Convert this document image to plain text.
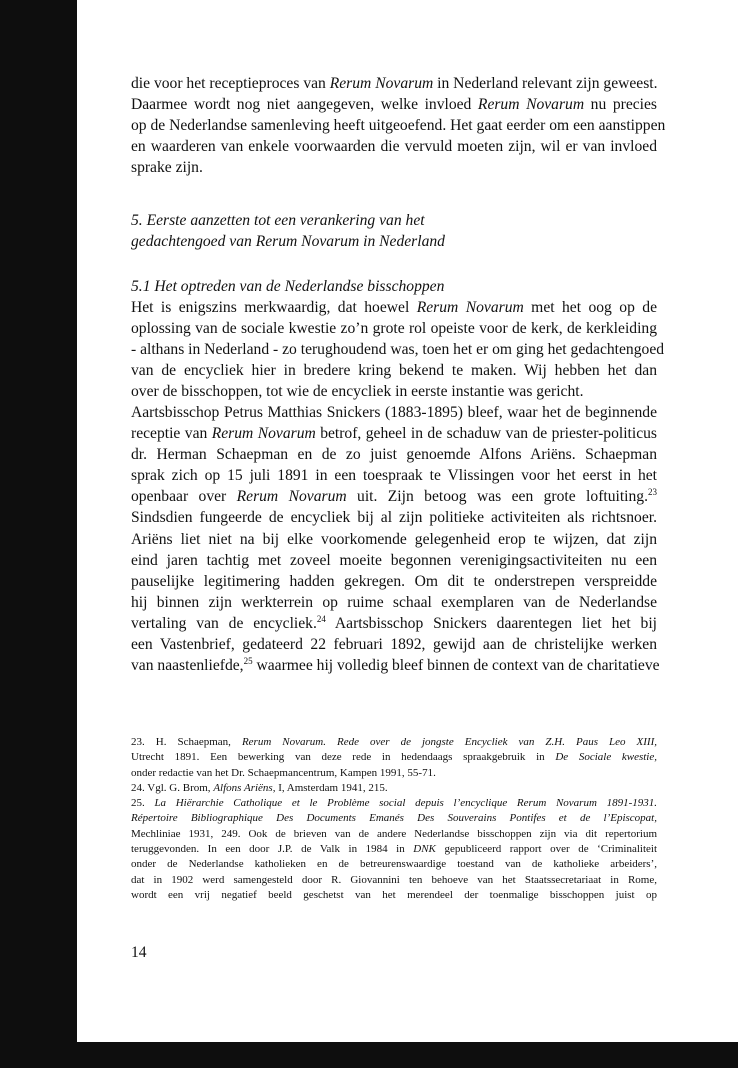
die voor het receptieproces van Rerum Novarum in Nederland relevant zijn geweest.
Daarmee wordt nog niet aangegeven, welke invloed Rerum Novarum nu precies
op de Nederlandse samenleving heeft uitgeoefend. Het gaat eerder om een aanstippen
en waarderen van enkele voorwaarden die vervuld moeten zijn, wil er van invloed
sprake zijn.
5. Eerste aanzetten tot een verankering van het
gedachtengoed van Rerum Novarum in Nederland
5.1 Het optreden van de Nederlandse bisschoppen
Het is enigszins merkwaardig, dat hoewel Rerum Novarum met het oog op de
oplossing van de sociale kwestie zo’n grote rol opeiste voor de kerk, de kerkleiding
- althans in Nederland - zo terughoudend was, toen het er om ging het gedachtengoed
van de encycliek hier in bredere kring bekend te maken. Wij hebben het dan
over de bisschoppen, tot wie de encycliek in eerste instantie was gericht.
Aartsbisschop Petrus Matthias Snickers (1883-1895) bleef, waar het de beginnende
receptie van Rerum Novarum betrof, geheel in de schaduw van de priester-politicus
dr. Herman Schaepman en de zo juist genoemde Alfons Ariëns. Schaepman
sprak zich op 15 juli 1891 in een toespraak te Vlissingen voor het eerst in het
openbaar over Rerum Novarum uit. Zijn betoog was een grote loftuiting.$^{23}$
Sindsdien fungeerde de encycliek bij al zijn politieke activiteiten als richtsnoer.
Ariëns liet niet na bij elke voorkomende gelegenheid erop te wijzen, dat zijn
eind jaren tachtig met zoveel moeite begonnen verenigingsactiviteiten nu een
pauselijke legitimering hadden gekregen. Om dit te onderstrepen verspreidde
hij binnen zijn werkterrein op ruime schaal exemplaren van de Nederlandse
vertaling van de encycliek.$^{24}$ Aartsbisschop Snickers daarentegen liet het bij
een Vastenbrief, gedateerd 22 februari 1892, gewijd aan de christelijke werken
van naastenliefde,$^{25}$ waarmee hij volledig bleef binnen de context van de charitatieve
23. H. Schaepman, Rerum Novarum. Rede over de jongste Encycliek van Z.H. Paus Leo XIII,
Utrecht 1891. Een bewerking van deze rede in hedendaags spraakgebruik in De Sociale kwestie,
onder redactie van het Dr. Schaepmancentrum, Kampen 1991, 55-71.
24. Vgl. G. Brom, Alfons Ariëns, I, Amsterdam 1941, 215.
25. La Hiërarchie Catholique et le Problème social depuis l’encyclique Rerum Novarum 1891-1931.
Répertoire Bibliographique Des Documents Emanés Des Souverains Pontifes et de l’Episcopat,
Mechliniae 1931, 249. Ook de brieven van de andere Nederlandse bisschoppen zijn via dit repertorium
teruggevonden. In een door J.P. de Valk in 1984 in DNK gepubliceerd rapport over de ‘Criminaliteit
onder de Nederlandse katholieken en de betreurenswaardige toestand van de katholieke arbeiders’,
dat in 1902 werd samengesteld door R. Giovannini ten behoeve van het Staatssecretariaat in Rome,
wordt een vrij negatief beeld geschetst van het merendeel der toenmalige bisschoppen juist op
14
